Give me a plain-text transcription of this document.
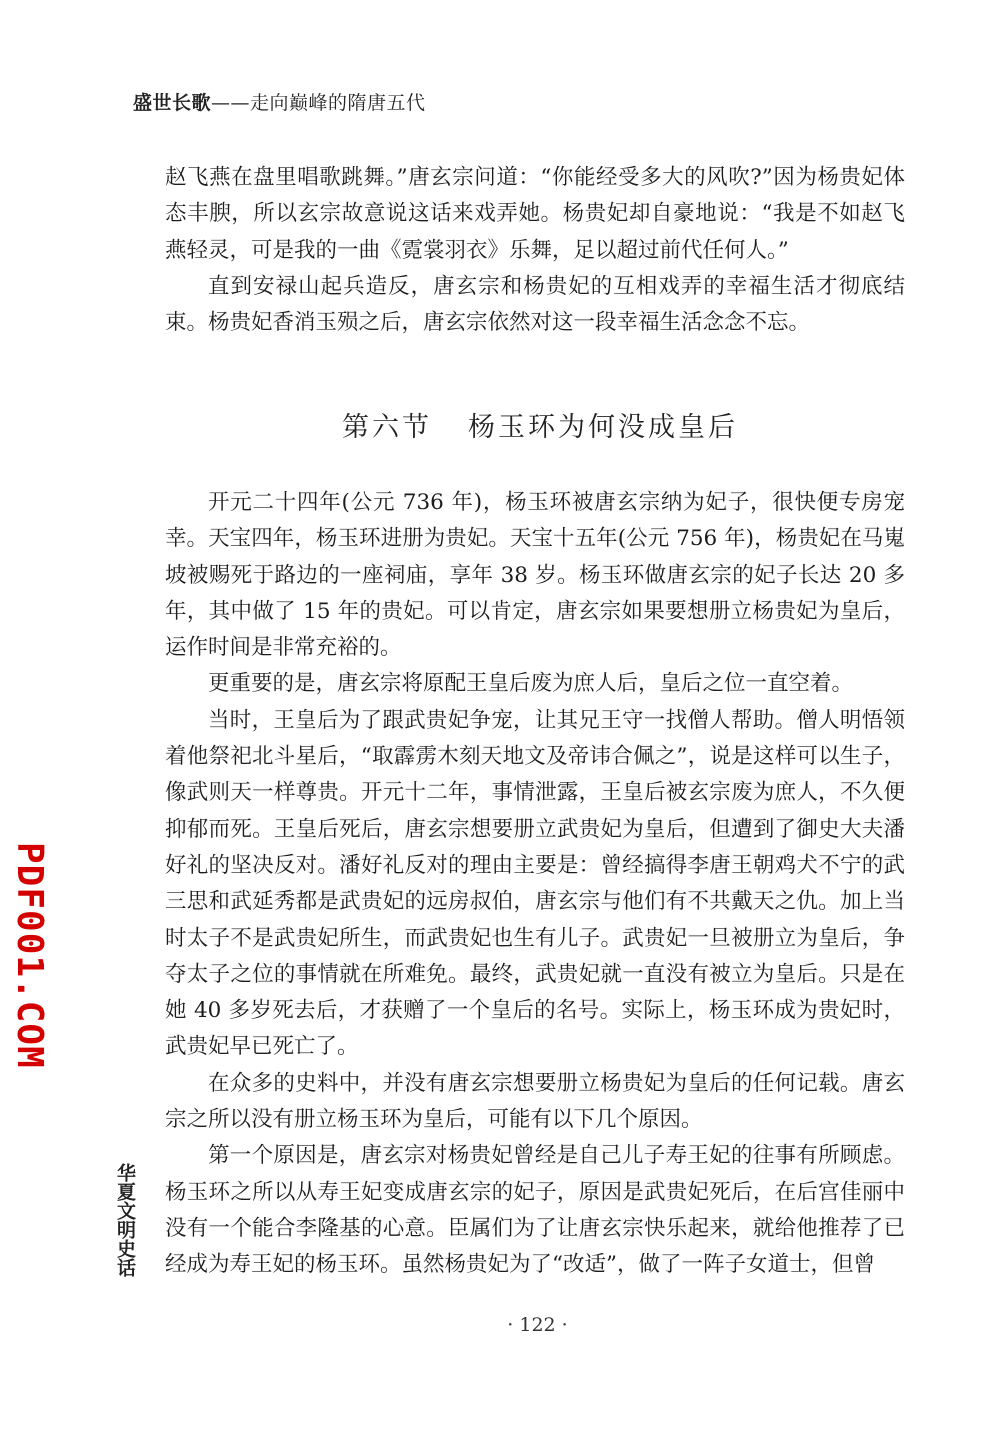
盛世长歌——走向巅峰的隋唐五代

赵飞燕在盘里唱歌跳舞。”唐玄宗问道：“你能经受多大的风吹?”因为杨贵妃体态丰腴，所以玄宗故意说这话来戏弄她。杨贵妃却自豪地说：“我是不如赵飞燕轻灵，可是我的一曲《霓裳羽衣》乐舞，足以超过前代任何人。”

直到安禄山起兵造反，唐玄宗和杨贵妃的互相戏弄的幸福生活才彻底结束。杨贵妃香消玉殒之后，唐玄宗依然对这一段幸福生活念念不忘。

第六节 杨玉环为何没成皇后

开元二十四年(公元 736 年)，杨玉环被唐玄宗纳为妃子，很快便专房宠幸。天宝四年，杨玉环进册为贵妃。天宝十五年(公元 756 年)，杨贵妃在马嵬坡被赐死于路边的一座祠庙，享年 38 岁。杨玉环做唐玄宗的妃子长达 20 多年，其中做了 15 年的贵妃。可以肯定，唐玄宗如果要想册立杨贵妃为皇后，运作时间是非常充裕的。

更重要的是，唐玄宗将原配王皇后废为庶人后，皇后之位一直空着。

当时，王皇后为了跟武贵妃争宠，让其兄王守一找僧人帮助。僧人明悟领着他祭祀北斗星后，“取霹雳木刻天地文及帝讳合佩之”，说是这样可以生子，像武则天一样尊贵。开元十二年，事情泄露，王皇后被玄宗废为庶人，不久便抑郁而死。王皇后死后，唐玄宗想要册立武贵妃为皇后，但遭到了御史大夫潘好礼的坚决反对。潘好礼反对的理由主要是：曾经搞得李唐王朝鸡犬不宁的武三思和武延秀都是武贵妃的远房叔伯，唐玄宗与他们有不共戴天之仇。加上当时太子不是武贵妃所生，而武贵妃也生有儿子。武贵妃一旦被册立为皇后，争夺太子之位的事情就在所难免。最终，武贵妃就一直没有被立为皇后。只是在她 40 多岁死去后，才获赠了一个皇后的名号。实际上，杨玉环成为贵妃时，武贵妃早已死亡了。

在众多的史料中，并没有唐玄宗想要册立杨贵妃为皇后的任何记载。唐玄宗之所以没有册立杨玉环为皇后，可能有以下几个原因。

第一个原因是，唐玄宗对杨贵妃曾经是自己儿子寿王妃的往事有所顾虑。杨玉环之所以从寿王妃变成唐玄宗的妃子，原因是武贵妃死后，在后宫佳丽中没有一个能合李隆基的心意。臣属们为了让唐玄宗快乐起来，就给他推荐了已经成为寿王妃的杨玉环。虽然杨贵妃为了“改适”，做了一阵子女道士，但曾

PDF001.COM
华夏文明史话
· 122 ·
